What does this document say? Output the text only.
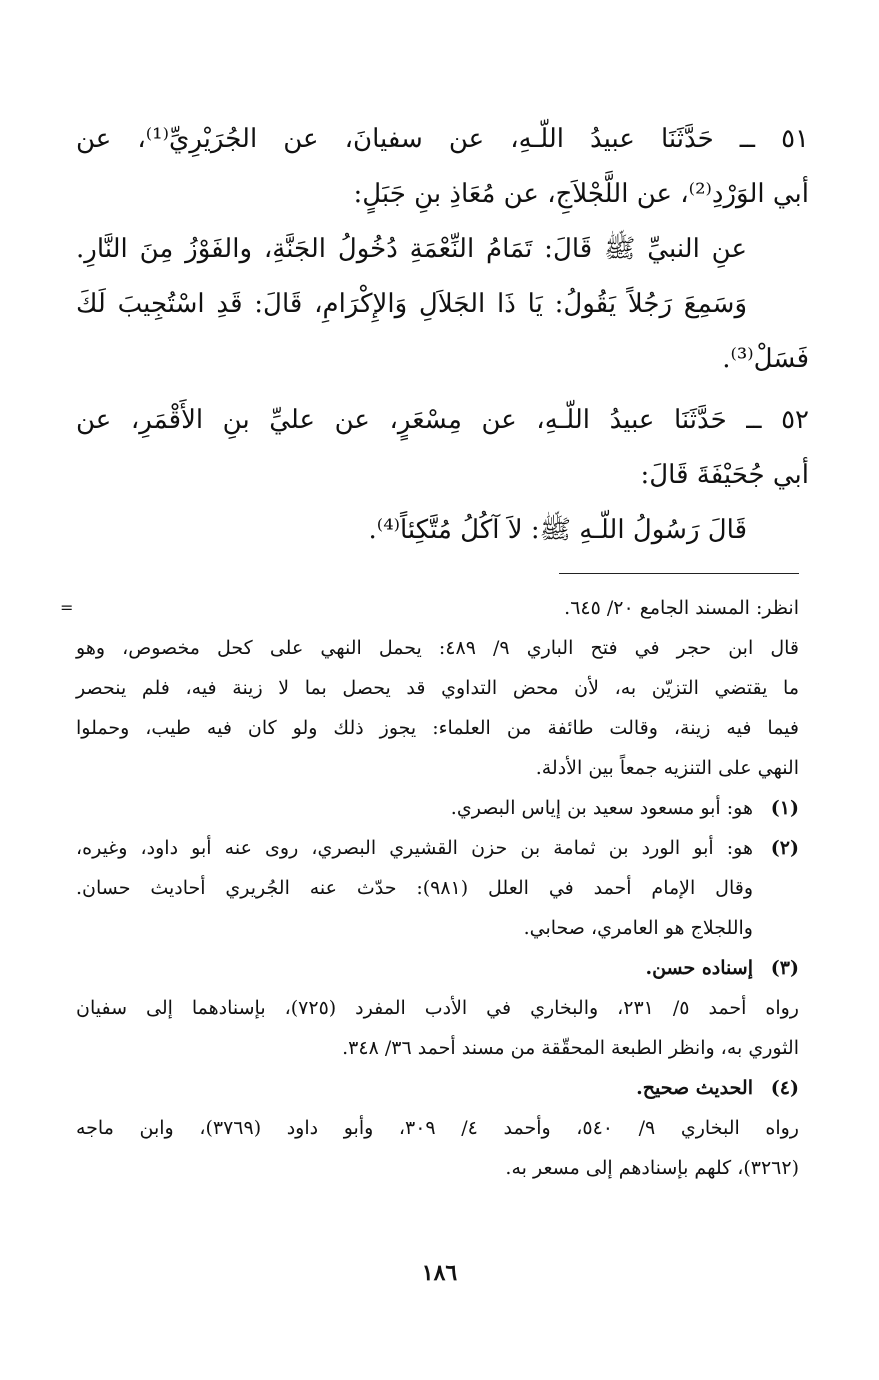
٥١ ــ حَدَّثَنَا عبيدُ اللّـهِ، عن سفيانَ، عن الجُرَيْرِيِّ⁽¹⁾، عن
أبي الوَرْدِ⁽²⁾، عن اللَّجْلاَجِ، عن مُعَاذِ بنِ جَبَلٍ:
عنِ النبيِّ ﷺ قَالَ: تَمَامُ النِّعْمَةِ دُخُولُ الجَنَّةِ، والفَوْزُ مِنَ النَّارِ.
وَسَمِعَ رَجُلاً يَقُولُ: يَا ذَا الجَلاَلِ وَالإِكْرَامِ، قَالَ: قَدِ اسْتُجِيبَ لَكَ
فَسَلْ⁽³⁾.
٥٢ ــ حَدَّثَنَا عبيدُ اللّـهِ، عن مِسْعَرٍ، عن عليِّ بنِ الأَقْمَرِ، عن
أبي جُحَيْفَةَ قَالَ:
قَالَ رَسُولُ اللّـهِ ﷺ: لاَ آكُلُ مُتَّكِئاً⁽⁴⁾.
=	انظر: المسند الجامع ٢٠/ ٦٤٥.
قال ابن حجر في فتح الباري ٩/ ٤٨٩: يحمل النهي على كحل مخصوص، وهو
ما يقتضي التزيّن به، لأن محض التداوي قد يحصل بما لا زينة فيه، فلم ينحصر
فيما فيه زينة، وقالت طائفة من العلماء: يجوز ذلك ولو كان فيه طيب، وحملوا
النهي على التنزيه جمعاً بين الأدلة.
(١)
هو: أبو مسعود سعيد بن إياس البصري.
(٢)
هو: أبو الورد بن ثمامة بن حزن القشيري البصري، روى عنه أبو داود، وغيره،
وقال الإمام أحمد في العلل (٩٨١): حدّث عنه الجُريري أحاديث حسان.
واللجلاج هو العامري، صحابي.
(٣)
إسناده حسن.
رواه أحمد ٥/ ٢٣١، والبخاري في الأدب المفرد (٧٢٥)، بإسنادهما إلى سفيان
الثوري به، وانظر الطبعة المحقّقة من مسند أحمد ٣٦/ ٣٤٨.
(٤)
الحديث صحيح.
رواه البخاري ٩/ ٥٤٠، وأحمد ٤/ ٣٠٩، وأبو داود (٣٧٦٩)، وابن ماجه
(٣٢٦٢)، كلهم بإسنادهم إلى مسعر به.
١٨٦
